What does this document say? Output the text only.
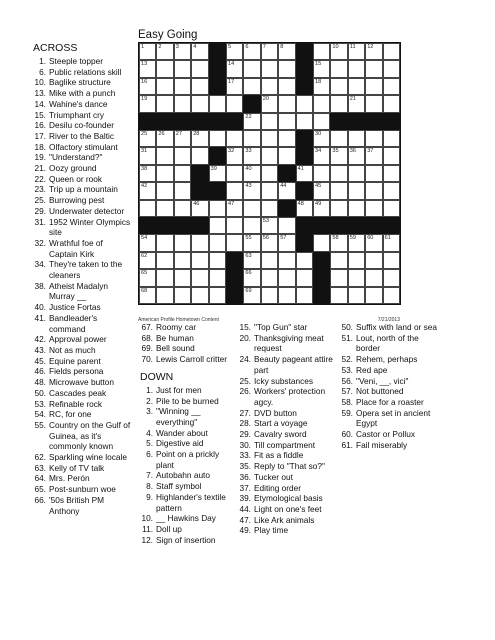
Easy Going
1	2	3	4	5	6	7	8	10 11 12
13	14	15
16	17	18
19	20	21
22
25 26 27 28	30
31	32 33	34 35 36 37
38	39	40	41
42	43	44	45
46	47	48 49
53
54	55 56 57	58 59 60 61
62	63
65	66
68	69
American Profile Hometown Content	7/21/2013
ACROSS
1. Steeple topper
6. Public relations skill
10. Baglike structure
13. Mike with a punch
14. Wahine's dance
15. Triumphant cry
16. Desilu co-founder
17. River to the Baltic
18. Olfactory stimulant
19. "Understand?"
21. Oozy ground
22. Queen or rook
23. Trip up a mountain
25. Burrowing pest
29. Underwater detector
31. 1952 Winter Olympics site
32. Wrathful foe of Captain Kirk
34. They're taken to the cleaners
38. Atheist Madalyn Murray __
40. Justice Fortas
41. Bandleader's command
42. Approval power
43. Not as much
45. Equine parent
46. Fields persona
48. Microwave button
50. Cascades peak
53. Refinable rock
54. RC, for one
55. Country on the Gulf of Guinea, as it's commonly known
62. Sparkling wine locale
63. Kelly of TV talk
64. Mrs. Perón
65. Post-sunburn woe
66. '50s British PM Anthony
67. Roomy car
68. Be human
69. Bell sound
70. Lewis Carroll critter
DOWN
1. Just for men
2. Pile to be burned
3. "Winning __ everything"
4. Wander about
5. Digestive aid
6. Point on a prickly plant
7. Autobahn auto
8. Staff symbol
9. Highlander's textile pattern
10. __ Hawkins Day
11. Doll up
12. Sign of insertion
15. "Top Gun" star
20. Thanksgiving meat request
24. Beauty pageant attire part
25. Icky substances
26. Workers' protection agcy.
27. DVD button
28. Start a voyage
29. Cavalry sword
30. Till compartment
33. Fit as a fiddle
35. Reply to "That so?"
36. Tucker out
37. Editing order
39. Etymological basis
44. Light on one's feet
47. Like Ark animals
49. Play time
50. Suffix with land or sea
51. Lout, north of the border
52. Rehem, perhaps
53. Red ape
56. "Veni, __, vici"
57. Not buttoned
58. Place for a roaster
59. Opera set in ancient Egypt
60. Castor or Pollux
61. Fail miserably
